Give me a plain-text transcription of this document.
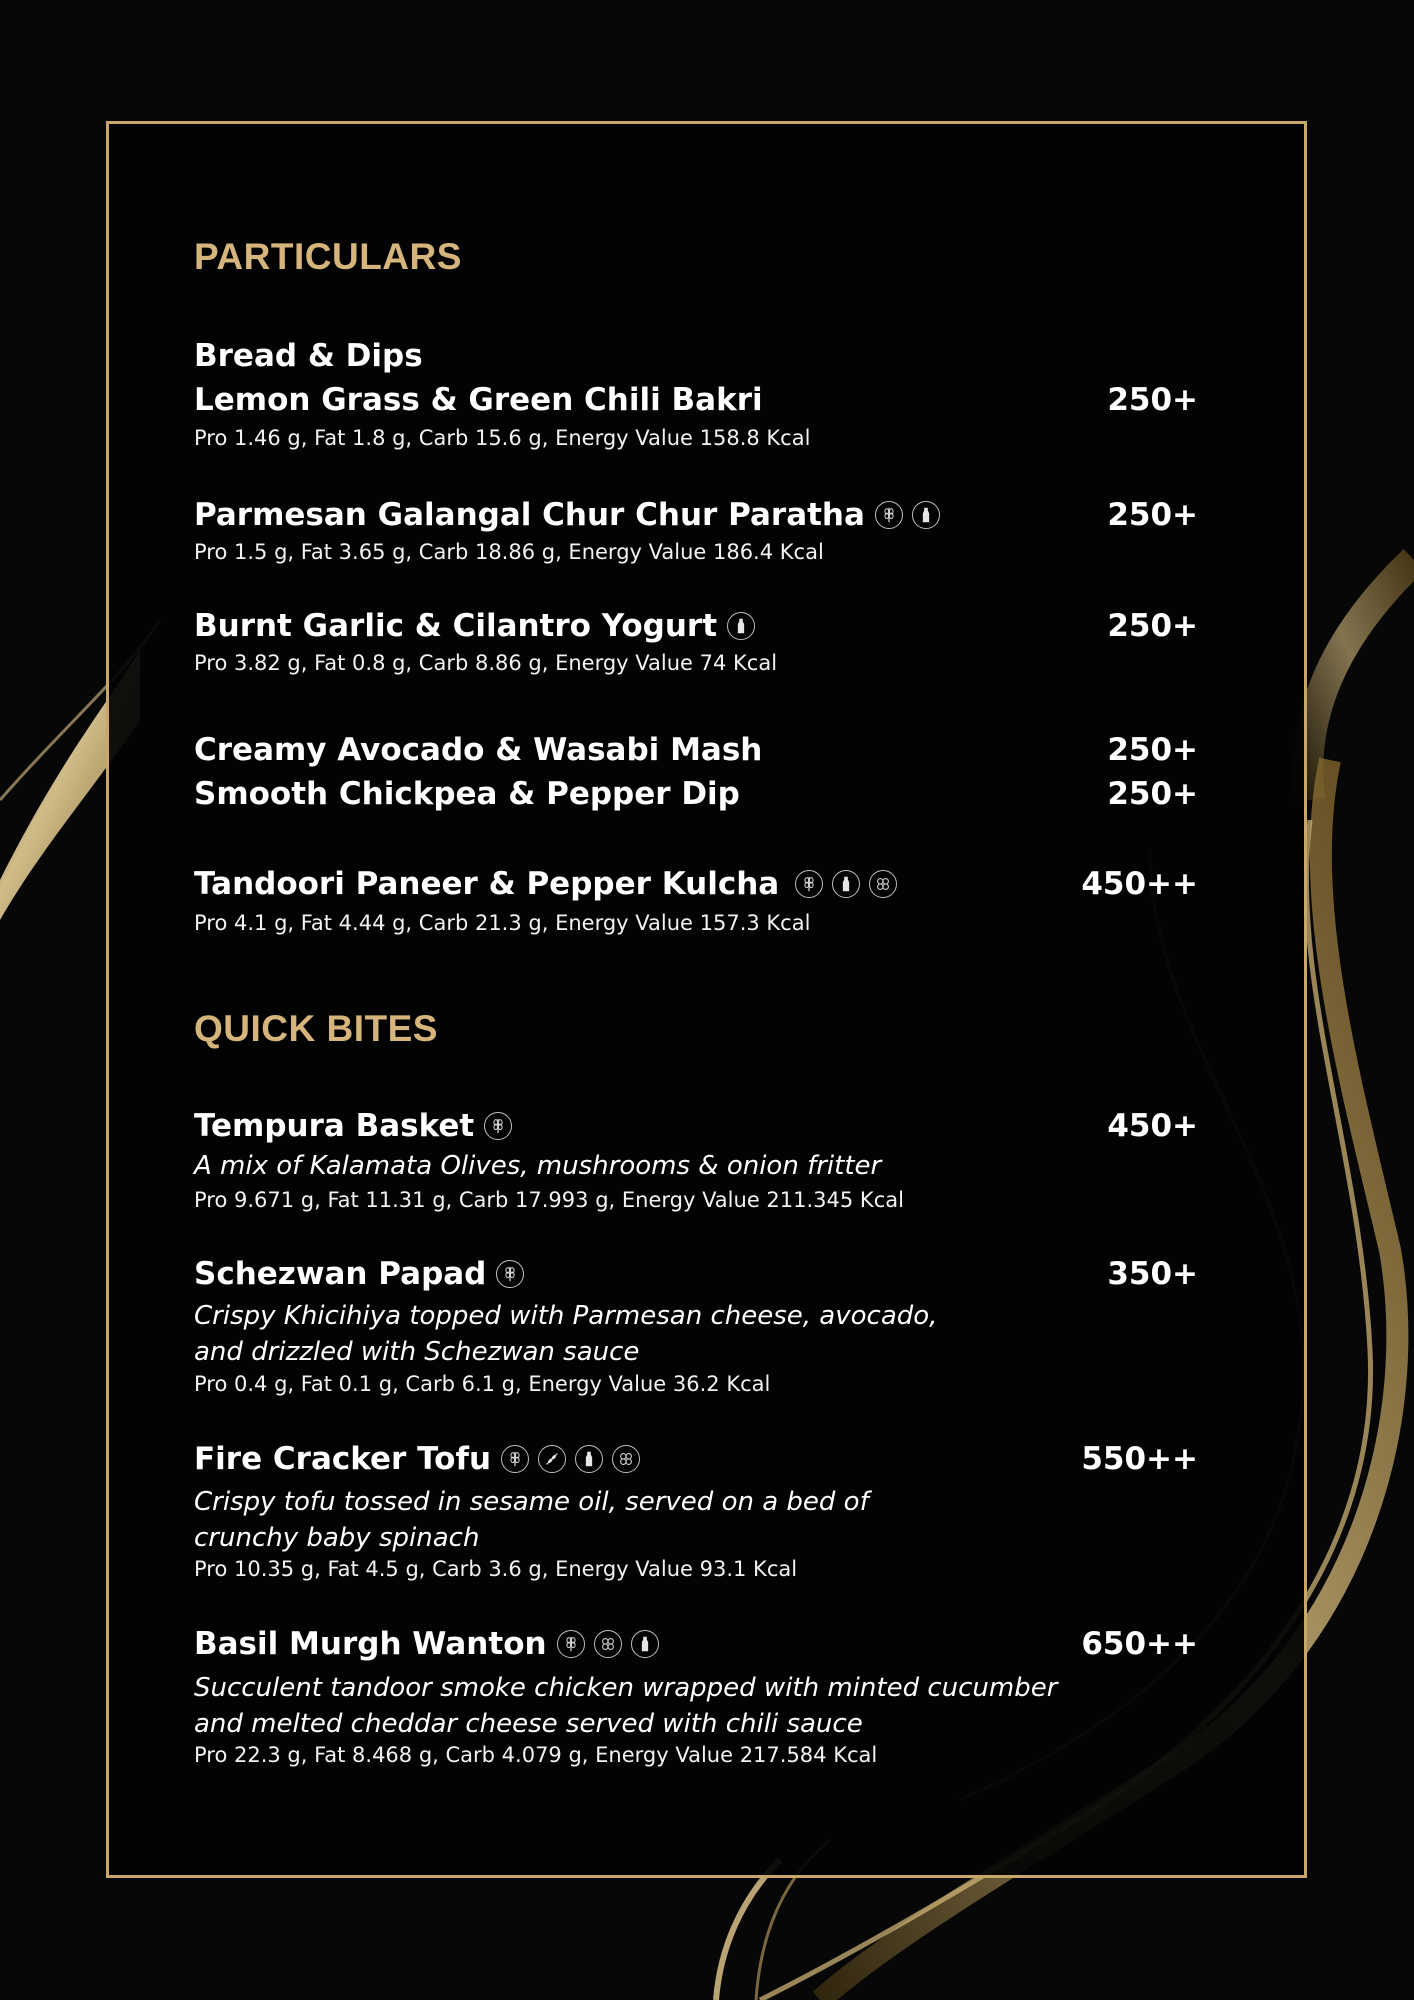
PARTICULARS
Bread & Dips
Lemon Grass & Green Chili Bakri	250+
Pro 1.46 g, Fat 1.8 g, Carb 15.6 g, Energy Value 158.8 Kcal
Parmesan Galangal Chur Chur Paratha	250+
Pro 1.5 g, Fat 3.65 g, Carb 18.86 g, Energy Value 186.4 Kcal
Burnt Garlic & Cilantro Yogurt	250+
Pro 3.82 g, Fat 0.8 g, Carb 8.86 g, Energy Value 74 Kcal
Creamy Avocado & Wasabi Mash	250+
Smooth Chickpea & Pepper Dip	250+
Tandoori Paneer & Pepper Kulcha	450++
Pro 4.1 g, Fat 4.44 g, Carb 21.3 g, Energy Value 157.3 Kcal
QUICK BITES
Tempura Basket	450+
A mix of Kalamata Olives, mushrooms & onion fritter
Pro 9.671 g, Fat 11.31 g, Carb 17.993 g, Energy Value 211.345 Kcal
Schezwan Papad	350+
Crispy Khicihiya topped with Parmesan cheese, avocado, and drizzled with Schezwan sauce
Pro 0.4 g, Fat 0.1 g, Carb 6.1 g, Energy Value 36.2 Kcal
Fire Cracker Tofu	550++
Crispy tofu tossed in sesame oil, served on a bed of crunchy baby spinach
Pro 10.35 g, Fat 4.5 g, Carb 3.6 g, Energy Value 93.1 Kcal
Basil Murgh Wanton	650++
Succulent tandoor smoke chicken wrapped with minted cucumber and melted cheddar cheese served with chili sauce
Pro 22.3 g, Fat 8.468 g, Carb 4.079 g, Energy Value 217.584 Kcal
